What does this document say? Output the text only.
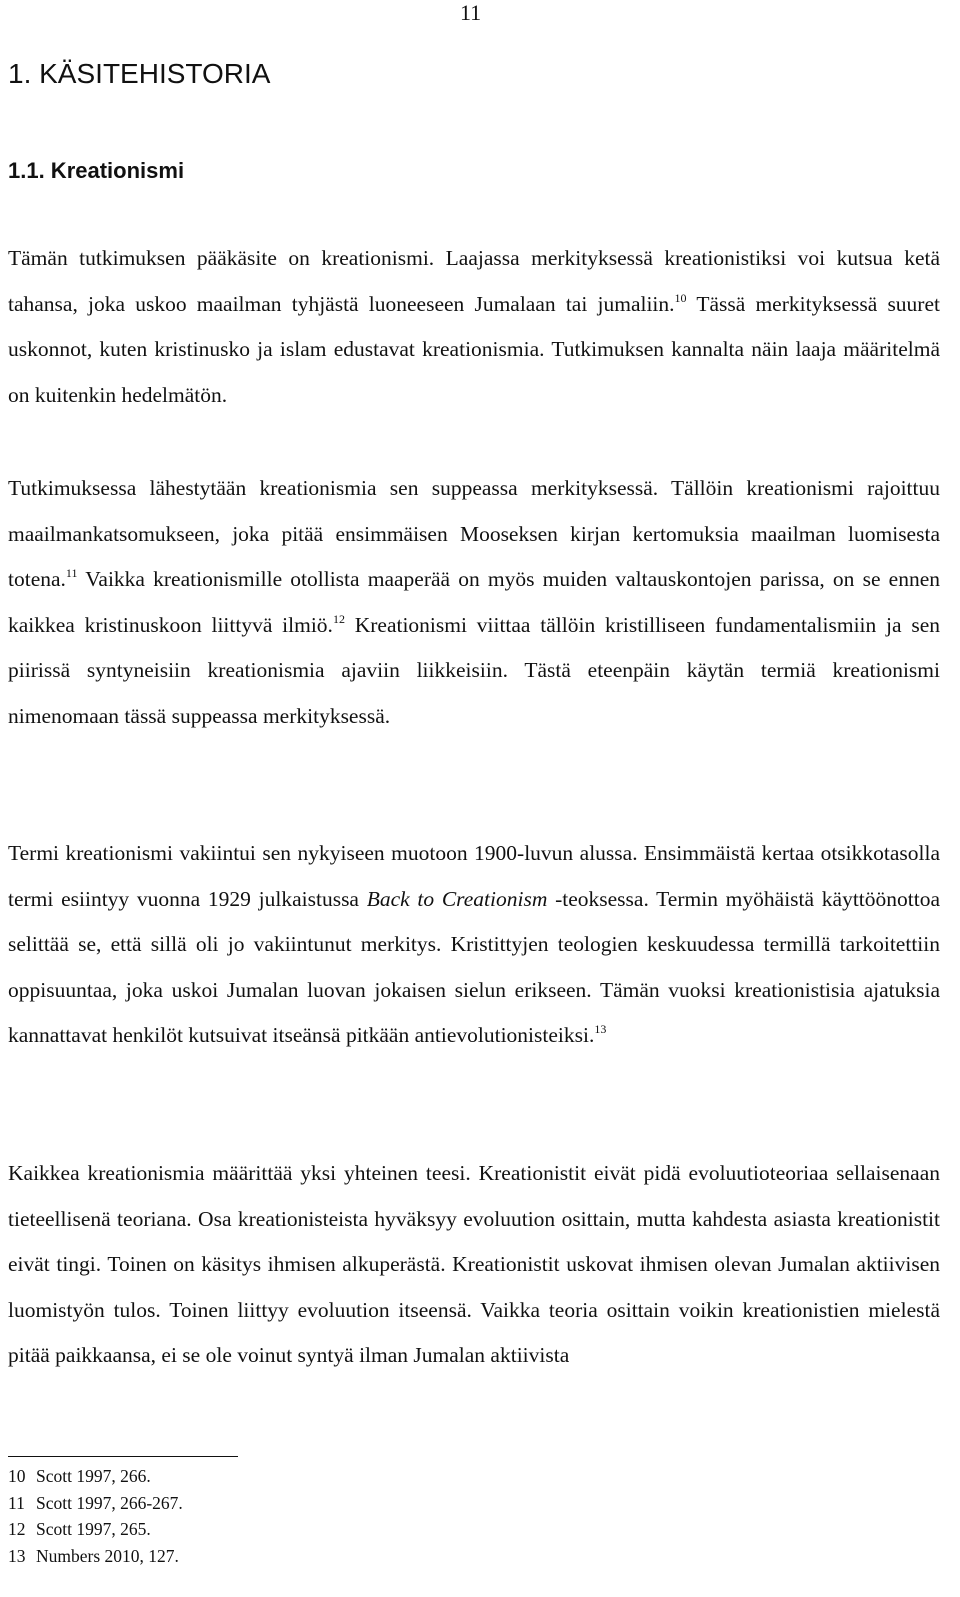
11
1. KÄSITEHISTORIA
1.1. Kreationismi

Tämän tutkimuksen pääkäsite on kreationismi. Laajassa merkityksessä kreationistiksi voi kutsua ketä tahansa, joka uskoo maailman tyhjästä luoneeseen Jumalaan tai jumaliin.$^{10}$ Tässä merkityksessä suuret uskonnot, kuten kristinusko ja islam edustavat kreationismia. Tutkimuksen kannalta näin laaja määritelmä on kuitenkin hedelmätön.

Tutkimuksessa lähestytään kreationismia sen suppeassa merkityksessä. Tällöin kreationismi rajoittuu maailmankatsomukseen, joka pitää ensimmäisen Mooseksen kirjan kertomuksia maailman luomisesta totena.$^{11}$ Vaikka kreationismille otollista maaperää on myös muiden valtauskontojen parissa, on se ennen kaikkea kristinuskoon liittyvä ilmiö.$^{12}$ Kreationismi viittaa tällöin kristilliseen fundamentalismiin ja sen piirissä syntyneisiin kreationismia ajaviin liikkeisiin. Tästä eteenpäin käytän termiä kreationismi nimenomaan tässä suppeassa merkityksessä.

Termi kreationismi vakiintui sen nykyiseen muotoon 1900-luvun alussa. Ensimmäistä kertaa otsikkotasolla termi esiintyy vuonna 1929 julkaistussa Back to Creationism -teoksessa. Termin myöhäistä käyttöönottoa selittää se, että sillä oli jo vakiintunut merkitys. Kristittyjen teologien keskuudessa termillä tarkoitettiin oppisuuntaa, joka uskoi Jumalan luovan jokaisen sielun erikseen. Tämän vuoksi kreationistisia ajatuksia kannattavat henkilöt kutsuivat itseänsä pitkään antievolutionisteiksi.$^{13}$

Kaikkea kreationismia määrittää yksi yhteinen teesi. Kreationistit eivät pidä evoluutioteoriaa sellaisenaan tieteellisenä teoriana. Osa kreationisteista hyväksyy evoluution osittain, mutta kahdesta asiasta kreationistit eivät tingi. Toinen on käsitys ihmisen alkuperästä. Kreationistit uskovat ihmisen olevan Jumalan aktiivisen luomistyön tulos. Toinen liittyy evoluution itseensä. Vaikka teoria osittain voikin kreationistien mielestä pitää paikkaansa, ei se ole voinut syntyä ilman Jumalan aktiivista

10 Scott 1997, 266.
11 Scott 1997, 266-267.
12 Scott 1997, 265.
13 Numbers 2010, 127.
